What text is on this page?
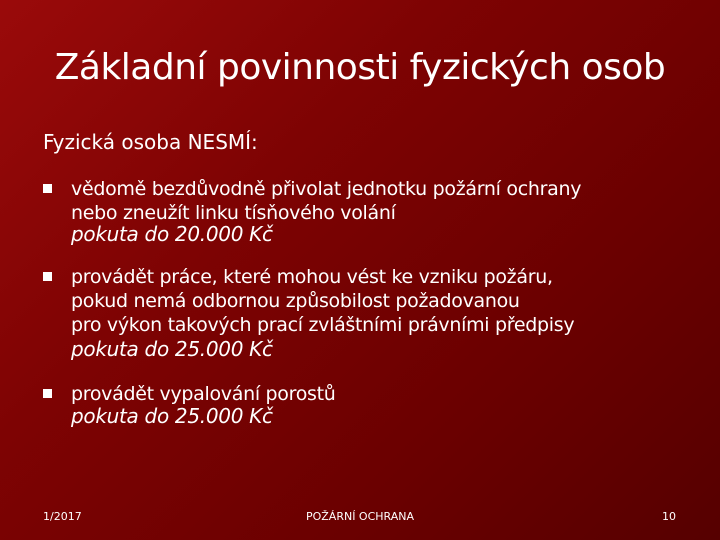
Základní povinnosti fyzických osob
Fyzická osoba NESMÍ:
vědomě bezdůvodně přivolat jednotku požární ochrany
nebo zneužít linku tísňového volání
pokuta do 20.000 Kč
provádět práce, které mohou vést ke vzniku požáru,
pokud nemá odbornou způsobilost požadovanou
pro výkon takových prací zvláštními právními předpisy
pokuta do 25.000 Kč
provádět vypalování porostů
pokuta do 25.000 Kč
1/2017	POŽÁRNÍ OCHRANA	10
